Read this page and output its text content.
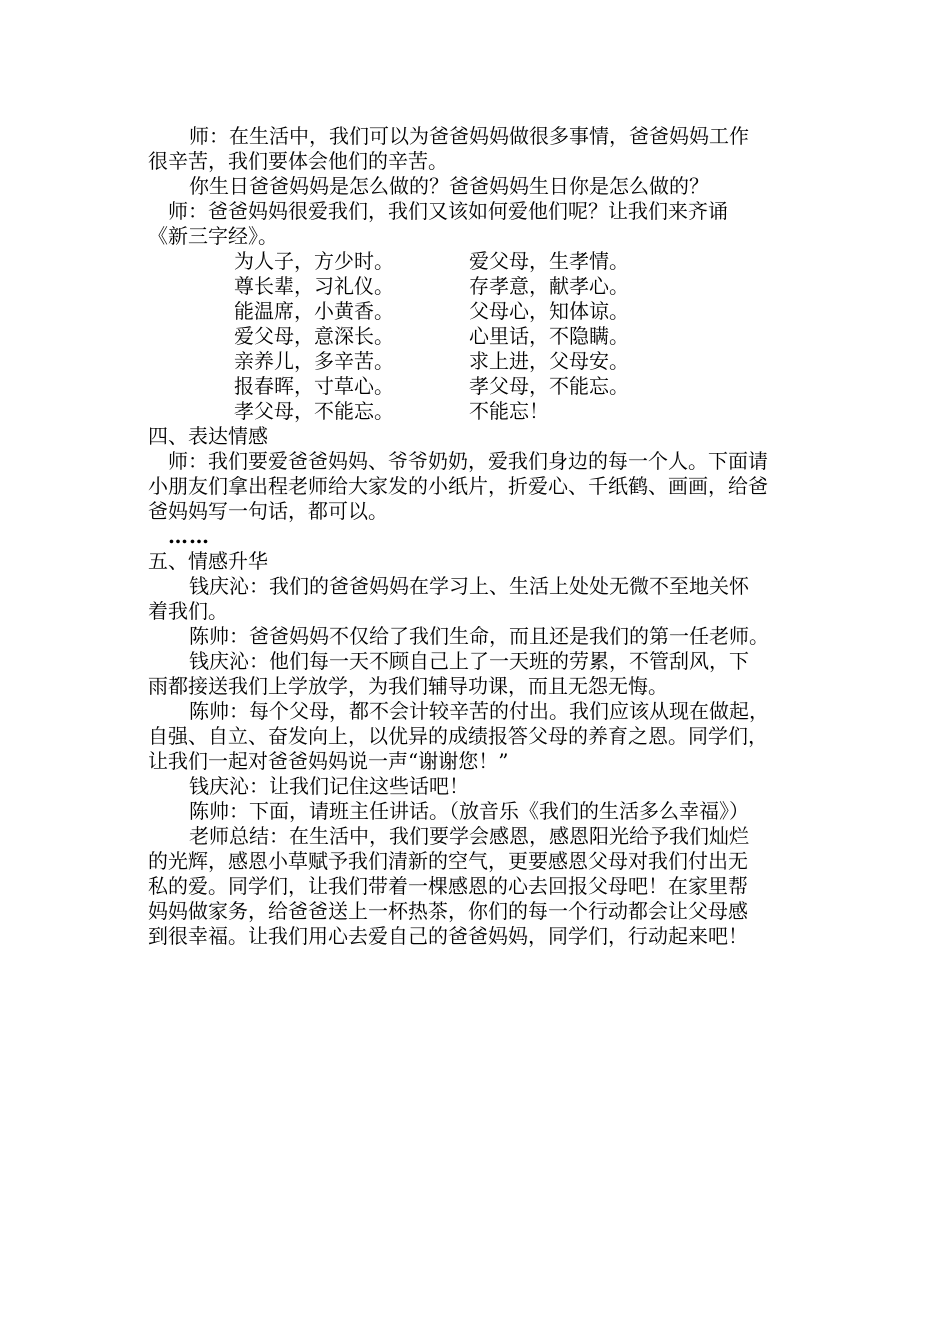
师：在生活中，我们可以为爸爸妈妈做很多事情，爸爸妈妈工作

很辛苦，我们要体会他们的辛苦。

你生日爸爸妈妈是怎么做的？爸爸妈妈生日你是怎么做的？

师：爸爸妈妈很爱我们，我们又该如何爱他们呢？让我们来齐诵

《新三字经》。

为人子，方少时。	爱父母，生孝情。

尊长辈，习礼仪。	存孝意，献孝心。

能温席，小黄香。	父母心，知体谅。

爱父母，意深长。	心里话，不隐瞒。

亲养儿，多辛苦。	求上进，父母安。

报春晖，寸草心。	孝父母，不能忘。

孝父母，不能忘。	不能忘！

四、表达情感

师：我们要爱爸爸妈妈、爷爷奶奶，爱我们身边的每一个人。下面请

小朋友们拿出程老师给大家发的小纸片，折爱心、千纸鹤、画画，给爸

爸妈妈写一句话，都可以。

……

五、情感升华

钱庆沁：我们的爸爸妈妈在学习上、生活上处处无微不至地关怀

着我们。

陈帅：爸爸妈妈不仅给了我们生命，而且还是我们的第一任老师。

钱庆沁：他们每一天不顾自己上了一天班的劳累，不管刮风，下

雨都接送我们上学放学，为我们辅导功课，而且无怨无悔。

陈帅：每个父母，都不会计较辛苦的付出。我们应该从现在做起，

自强、自立、奋发向上，以优异的成绩报答父母的养育之恩。同学们，

让我们一起对爸爸妈妈说一声“谢谢您！”

钱庆沁：让我们记住这些话吧！

陈帅：下面，请班主任讲话。（放音乐《我们的生活多么幸福》）

老师总结：在生活中，我们要学会感恩，感恩阳光给予我们灿烂

的光辉，感恩小草赋予我们清新的空气，更要感恩父母对我们付出无

私的爱。同学们，让我们带着一棵感恩的心去回报父母吧！在家里帮

妈妈做家务，给爸爸送上一杯热茶，你们的每一个行动都会让父母感

到很幸福。让我们用心去爱自己的爸爸妈妈，同学们，行动起来吧！
